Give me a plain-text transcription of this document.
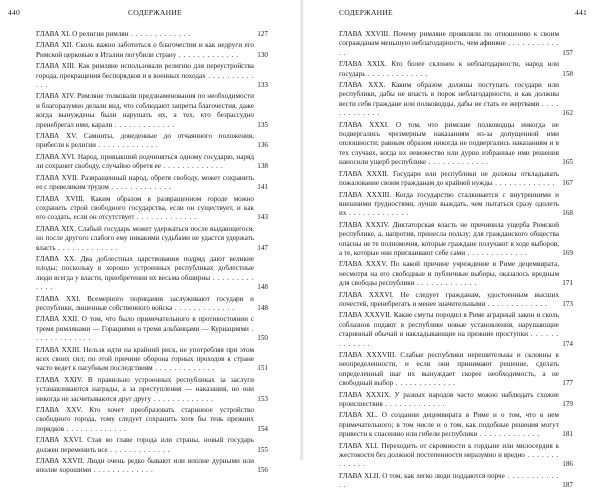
440	СОДЕРЖАНИЕ
ГЛАВА XI. О религии римлян . . . . . . . . . . . . .	127
ГЛАВА XII. Сколь важно заботиться о благочестии и как недруги его Римской церковью в Италии погубили страну . . . . . . . . . . . . .	130
ГЛАВА XIII. Как римляне использовали религию для переустройства города, прекращения беспорядков и в военных походах . . . . . . . . . . . . .	133
ГЛАВА XIV. Римляне толковали предзнаменования по необходимости и благоразумно делали вид, что соблюдают запреты благочестия, даже когда вынуждены были нарушать их, а тех, кто безрассудно пренебрегал ими, карали . . . . . . . . . . . . .	135
ГЛАВА XV. Самниты, доведенные до отчаянного положения, прибегли к религии . . . . . . . . . . . . .	136
ГЛАВА XVI. Народ, привыкший подчиняться одному государю, наряд ли сохранит свободу, случайно обретя ее . . . . . . . . . . . . .	138
ГЛАВА XVII. Развращенный народ, обретя свободу, может сохранить ее с превеликим трудом . . . . . . . . . . . . .	141
ГЛАВА XVIII. Каким образом в развращенном городе можно сохранить строй свободного государства, если он существует, и как его создать, если он отсутствует . . . . . . . . . . . . .	143
ГЛАВА XIX. Слабый государь может удержаться после выдающегося, но после другого слабого ему никакими судьбами не удастся удержать власть . . . . . . . . . . . . .	147
ГЛАВА XX. Два доблестных царствования подряд дают великие плоды; поскольку в хорошо устроенных республиках доблестные люди всегда у власти, приобретения их весьма обширны . . . . . . . . . . . . .	148
ГЛАВА XXI. Всемерного порицания заслуживают государи и республики, лишенные собственного войска . . . . . . . . . . . . .	148
ГЛАВА XXII. О том, что было примечательного в противостоянии с тремя римлянами — Горациями и тремя альбанцами — Куриациями . . . . . . . . . . . . .	150
ГЛАВА XXIII. Нельзя идти на крайний риск, не употребляя при этом всех своих сил; по этой причине оборона горных проходов к стране часто ведет к пагубным последствиям . . . . . . . . . . . . .	151
ГЛАВА XXIV. В правильно устроенных республиках за заслуги устанавливаются награды, а за преступления — наказания, но они никогда не засчитываются друг другу . . . . . . . . . . . . .	153
ГЛАВА XXV. Кто хочет преобразовать старинное устройство свободного города, тому следует сохранить хотя бы тень прежних порядков . . . . . . . . . . . . .	154
ГЛАВА XXVI. Став во главе города или страны, новый государь должен переменить все . . . . . . . . . . . . .	155
ГЛАВА XXVII. Люди очень редко бывают или вполне дурными или вполне хорошими . . . . . . . . . . . . .	156
СОДЕРЖАНИЕ	441
ГЛАВА XXVIII. Почему римляне проявляли по отношению к своим согражданам меньшую неблагодарность, чем афиняне . . . . . . . . . . . . .	157
ГЛАВА XXIX. Кто более склонен к неблагодарности, народ или государь . . . . . . . . . . . . .	158
ГЛАВА XXX. Каким образом должны поступать государи или республики, дабы не впасть в порок неблагодарности, и как должны вести себя граждане или полководцы, дабы не стать ее жертвами . . . . . . . . . . . . .	162
ГЛАВА XXXI. О том, что римские полководцы никогда не подвергались чрезмерным наказаниям из-за допущенной ими оплошности; равным образом никогда не подвергались наказаниям и в тех случаях, когда их невежество или дурно избранные ими решения наносили ущерб республике . . . . . . . . . . . . .	165
ГЛАВА XXXII. Государи или республики не должны откладывать пожалование своим гражданам до крайней нужды . . . . . . . . . . . . . 167
ГЛАВА XXXIII. Когда государство сталкивается с внутренними и внешними трудностями, лучше выждать, чем пытаться сразу одолеть их . . . . . . . . . . . . .	168
ГЛАВА XXXIV. Диктаторская власть не причинила ущерба Римской республике, а, напротив, принесла пользу; для гражданского общества опасны не те полномочия, которые граждане получают в ходе выборов, а те, которые они присваивают себе сами . . . . . . . . . . . . .	169
ГЛАВА XXXV. По какой причине учреждение в Риме децемвирата, несмотря на его свободные и публичные выборы, оказалось вредным для свободы республики . . . . . . . . . . . . .	171
ГЛАВА XXXVI. Не следует гражданам, удостоенным высших почестей, пренебрегать и менее значительными . . . . . . . . . . . . . 173
ГЛАВА XXXVII. Какие смуты породил в Риме аграрный закон и сколь соблазнов подают в республике новые установления, нарушающие старинный обычай и накладывающие на прежние проступки . . . . . . . . . . . . .	174
ГЛАВА XXXVIII. Слабые республики нерешительны и склонны к неопределенности, и если они принимают решение, сделать определенный шаг их вынуждает скорее необходимость, а не свободный выбор . . . . . . . . . . . . .	177
ГЛАВА XXXIX. У разных народов часто можно наблюдать схожие происшествия . . . . . . . . . . . . .	179
ГЛАВА XL. О создании децемвирата в Риме и о том, что в нем примечательного; в том числе и о том, как подобные решения могут привести к спасению или гибели республики . . . . . . . . . . . . .	181
ГЛАВА XLI. Переходить от скромности к гордыне или милосердия к жестокости без должной постепенности неразумно и вредно . . . . . . . . . . . . .	186
ГЛАВА XLII. О том, как легко люди поддаются порче . . . . . . . . . . . . .	187
